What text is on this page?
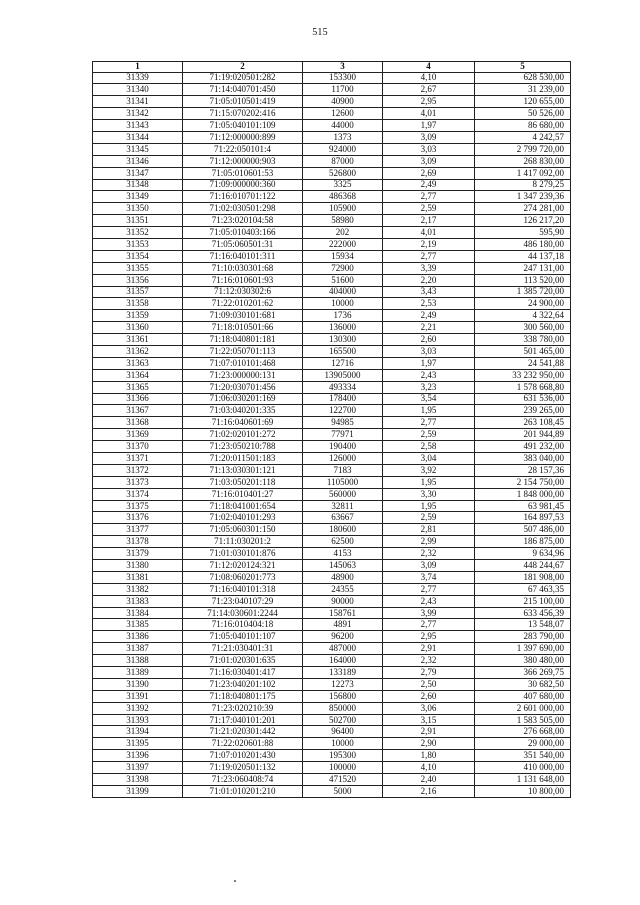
515
1	2	3	4	5
31339	71:19:020501:282	153300	4,10	628 530,00
31340	71:14:040701:450	11700	2,67	31 239,00
31341	71:05:010501:419	40900	2,95	120 655,00
31342	71:15:070202:416	12600	4,01	50 526,00
31343	71:05:040101:109	44000	1,97	86 680,00
31344	71:12:000000:899	1373	3,09	4 242,57
31345	71:22:050101:4	924000	3,03	2 799 720,00
31346	71:12:000000:903	87000	3,09	268 830,00
31347	71:05:010601:53	526800	2,69	1 417 092,00
31348	71:09:000000:360	3325	2,49	8 279,25
31349	71:16:010701:122	486368	2,77	1 347 239,36
31350	71:02:030501:298	105900	2,59	274 281,00
31351	71:23:020104:58	58980	2,17	126 217,20
31352	71:05:010403:166	202	4,01	595,90
31353	71:05:060501:31	222000	2,19	486 180,00
31354	71:16:040101:311	15934	2,77	44 137,18
31355	71:10:030301:68	72900	3,39	247 131,00
31356	71:16:010601:93	51600	2,20	113 520,00
31357	71:12:030302:6	404000	3,43	1 385 720,00
31358	71:22:010201:62	10000	2,53	24 900,00
31359	71:09:030101:681	1736	2,49	4 322,64
31360	71:18:010501:66	136000	2,21	300 560,00
31361	71:18:040801:181	130300	2,60	338 780,00
31362	71:22:050701:113	165500	3,03	501 465,00
31363	71:07:010101:468	12716	1,97	24 541,88
31364	71:23:000000:131	13905000	2,43	33 232 950,00
31365	71:20:030701:456	493334	3,23	1 578 668,80
31366	71:06:030201:169	178400	3,54	631 536,00
31367	71:03:040201:335	122700	1,95	239 265,00
31368	71:16:040601:69	94985	2,77	263 108,45
31369	71:02:020101:272	77971	2,59	201 944,89
31370	71:23:050210:788	190400	2,58	491 232,00
31371	71:20:011501:183	126000	3,04	383 040,00
31372	71:13:030301:121	7183	3,92	28 157,36
31373	71:03:050201:118	1105000	1,95	2 154 750,00
31374	71:16:010401:27	560000	3,30	1 848 000,00
31375	71:18:041001:654	32811	1,95	63 981,45
31376	71:02:040101:293	63667	2,59	164 897,53
31377	71:05:060301:150	180600	2,81	507 486,00
31378	71:11:030201:2	62500	2,99	186 875,00
31379	71:01:030101:876	4153	2,32	9 634,96
31380	71:12:020124:321	145063	3,09	448 244,67
31381	71:08:060201:773	48900	3,74	181 908,00
31382	71:16:040101:318	24355	2,77	67 463,35
31383	71:23:040107:29	90000	2,43	215 100,00
31384	71:14:030601:2244	158761	3,99	633 456,39
31385	71:16:010404:18	4891	2,77	13 548,07
31386	71:05:040101:107	96200	2,95	283 790,00
31387	71:21:030401:31	487000	2,91	1 397 690,00
31388	71:01:020301:635	164000	2,32	380 480,00
31389	71:16:030401:417	133189	2,79	366 269,75
31390	71:23:040201:102	12273	2,50	30 682,50
31391	71:18:040801:175	156800	2,60	407 680,00
31392	71:23:020210:39	850000	3,06	2 601 000,00
31393	71:17:040101:201	502700	3,15	1 583 505,00
31394	71:21:020301:442	96400	2,91	276 668,00
31395	71:22:020601:88	10000	2,90	29 000,00
31396	71:07:010201:430	195300	1,80	351 540,00
31397	71:19:020501:132	100000	4,10	410 000,00
31398	71:23:060408:74	471520	2,40	1 131 648,00
31399	71:01:010201:210	5000	2,16	10 800,00
